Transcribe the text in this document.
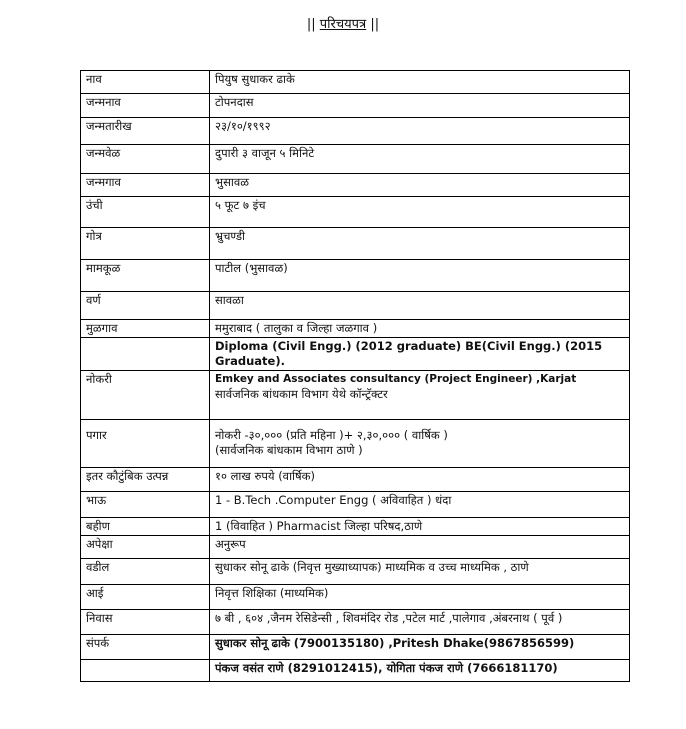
|| परिचयपत्र ||
नाव	पियुष सुधाकर ढाके
जन्मनाव	टोपनदास
जन्मतारीख	२३/१०/१९९२
जन्मवेळ	दुपारी ३ वाजून ५ मिनिटे
जन्मगाव	भुसावळ
उंची	५ फूट ७ इंच
गोत्र	भ्रुचण्डी
मामकूळ	पाटील (भुसावळ)
वर्ण	सावळा
मुळगाव	ममुराबाद ( तालुका व जिल्हा जळगाव )
	Diploma (Civil Engg.) (2012 graduate) BE(Civil Engg.) (2015 Graduate).
नोकरी	Emkey and Associates consultancy (Project Engineer) ,Karjat
सार्वजनिक बांधकाम विभाग येथे कॉन्ट्रॅक्टर

पगार	नोकरी -३०,००० (प्रति महिना )+ २,३०,००० ( वार्षिक )
(सार्वजनिक बांधकाम विभाग ठाणे )

इतर कौटुंबिक उत्पन्न	१० लाख रुपये (वार्षिक)
भाऊ	1 - B.Tech .Computer Engg ( अविवाहित ) धंदा
बहीण	1 (विवाहित ) Pharmacist जिल्हा परिषद,ठाणे
अपेक्षा	अनुरूप
वडील	सुधाकर सोनू ढाके (निवृत्त मुख्याध्यापक) माध्यमिक व उच्च माध्यमिक , ठाणे
आई	निवृत्त शिक्षिका (माध्यमिक)
निवास	७ बी , ६०४ ,जैनम रेसिडेन्सी , शिवमंदिर रोड ,पटेल मार्ट ,पालेगाव ,अंबरनाथ ( पूर्व )
संपर्क	सुधाकर सोनू ढाके (7900135180) ,Pritesh Dhake(9867856599)
	पंकज वसंत राणे (8291012415), योगिता पंकज राणे (7666181170)
